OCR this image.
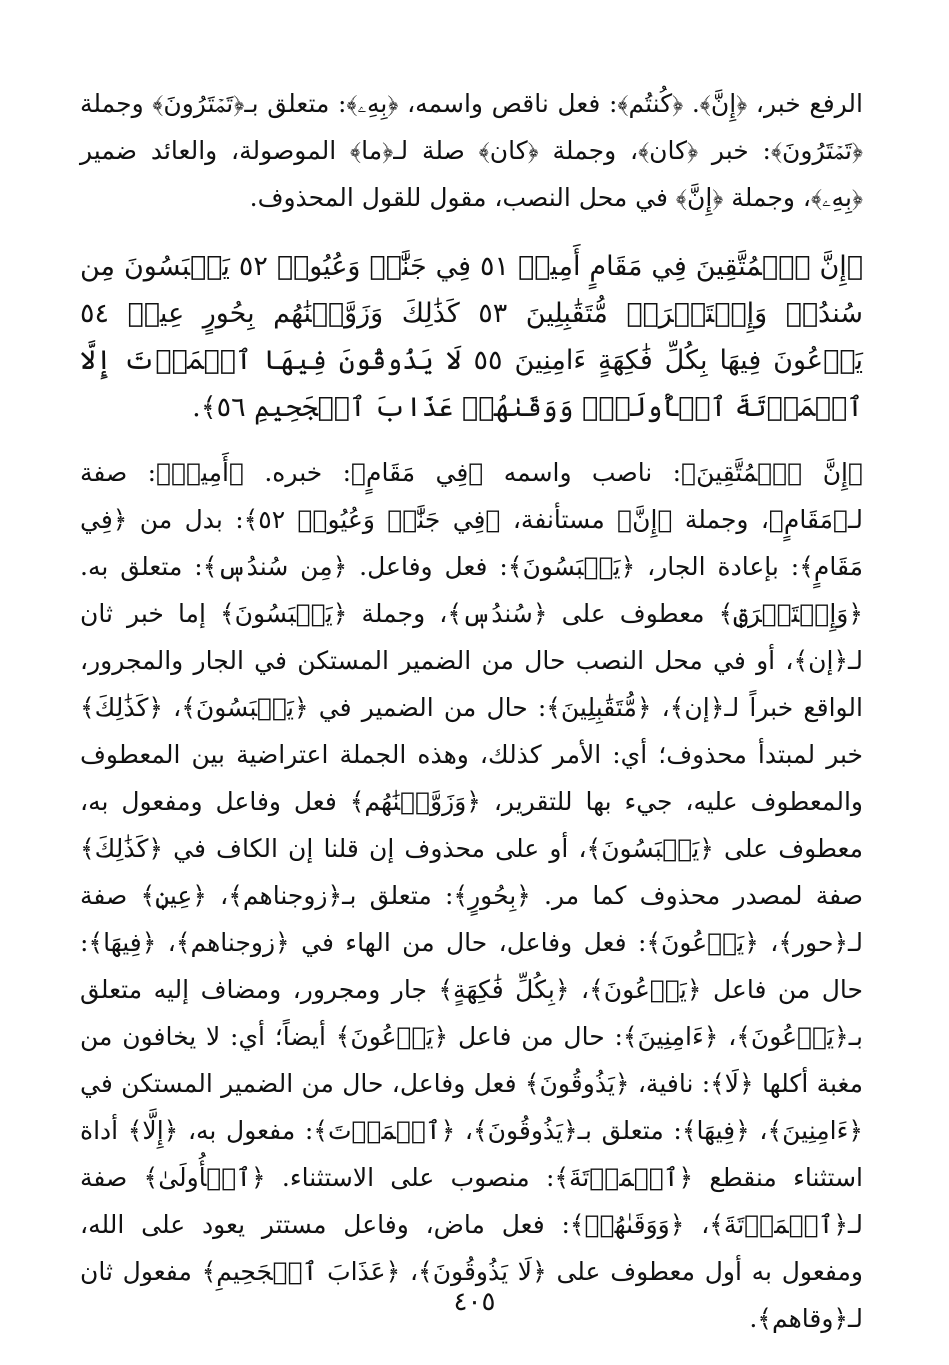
الرفع خبر، ﴿إِنَّ﴾. ﴿كُنتُم﴾: فعل ناقص واسمه، ﴿بِهِۦ﴾: متعلق بـ﴿تَمۡتَرُونَ﴾ وجملة ﴿تَمۡتَرُونَ﴾: خبر ﴿كان﴾، وجملة ﴿كان﴾ صلة لـ﴿ما﴾ الموصولة، والعائد ضمير ﴿بِهِۦ﴾، وجملة ﴿إِنَّ﴾ في محل النصب، مقول للقول المحذوف.

﴿إِنَّ ٱلۡمُتَّقِينَ فِي مَقَامٍ أَمِينٖ ٥١ فِي جَنَّٰتٖ وَعُيُونٖ ٥٢ يَلۡبَسُونَ مِن سُندُسٖ وَإِسۡتَبۡرَقٖ مُّتَقَٰبِلِينَ ٥٣ كَذَٰلِكَ وَزَوَّجۡنَٰهُم بِحُورٍ عِينٖ ٥٤ يَدۡعُونَ فِيهَا بِكُلِّ فَٰكِهَةٍ ءَامِنِينَ ٥٥ لَا يَذُوقُونَ فِيهَا ٱلۡمَوۡتَ إِلَّا ٱلۡمَوۡتَةَ ٱلۡأُولَىٰۖ وَوَقَىٰهُمۡ عَذَابَ ٱلۡجَحِيمِ ٥٦﴾.

﴿إِنَّ ٱلۡمُتَّقِينَ﴾: ناصب واسمه ﴿فِي مَقَامٍ﴾: خبره. ﴿أَمِينٖ﴾: صفة لـ﴿مَقَامٍ﴾، وجملة ﴿إِنَّ﴾ مستأنفة، ﴿فِي جَنَّٰتٖ وَعُيُونٖ ٥٢﴾: بدل من ﴿فِي مَقَامٍ﴾: بإعادة الجار، ﴿يَلۡبَسُونَ﴾: فعل وفاعل. ﴿مِن سُندُسٖ﴾: متعلق به. ﴿وَإِسۡتَبۡرَقٖ﴾ معطوف على ﴿سُندُسٖ﴾، وجملة ﴿يَلۡبَسُونَ﴾ إما خبر ثان لـ﴿إن﴾، أو في محل النصب حال من الضمير المستكن في الجار والمجرور، الواقع خبراً لـ﴿إن﴾، ﴿مُّتَقَٰبِلِينَ﴾: حال من الضمير في ﴿يَلۡبَسُونَ﴾، ﴿كَذَٰلِكَ﴾ خبر لمبتدأ محذوف؛ أي: الأمر كذلك، وهذه الجملة اعتراضية بين المعطوف والمعطوف عليه، جيء بها للتقرير، ﴿وَزَوَّجۡنَٰهُم﴾ فعل وفاعل ومفعول به، معطوف على ﴿يَلۡبَسُونَ﴾، أو على محذوف إن قلنا إن الكاف في ﴿كَذَٰلِكَ﴾ صفة لمصدر محذوف كما مر. ﴿بِحُورٍ﴾: متعلق بـ﴿زوجناهم﴾، ﴿عِينٖ﴾ صفة لـ﴿حور﴾، ﴿يَدۡعُونَ﴾: فعل وفاعل، حال من الهاء في ﴿زوجناهم﴾، ﴿فِيهَا﴾: حال من فاعل ﴿يَدۡعُونَ﴾، ﴿بِكُلِّ فَٰكِهَةٍ﴾ جار ومجرور، ومضاف إليه متعلق بـ﴿يَدۡعُونَ﴾، ﴿ءَامِنِينَ﴾: حال من فاعل ﴿يَدۡعُونَ﴾ أيضاً؛ أي: لا يخافون من مغبة أكلها ﴿لَا﴾: نافية، ﴿يَذُوقُونَ﴾ فعل وفاعل، حال من الضمير المستكن في ﴿ءَامِنِينَ﴾، ﴿فِيهَا﴾: متعلق بـ﴿يَذُوقُونَ﴾، ﴿ٱلۡمَوۡتَ﴾: مفعول به، ﴿إِلَّا﴾ أداة استثناء منقطع ﴿ٱلۡمَوۡتَةَ﴾: منصوب على الاستثناء. ﴿ٱلۡأُولَىٰ﴾ صفة لـ﴿ٱلۡمَوۡتَةَ﴾، ﴿وَوَقَىٰهُمۡ﴾: فعل ماض، وفاعل مستتر يعود على الله، ومفعول به أول معطوف على ﴿لَا يَذُوقُونَ﴾، ﴿عَذَابَ ٱلۡجَحِيمِ﴾ مفعول ثان لـ﴿وقاهم﴾.

٤٠٥
